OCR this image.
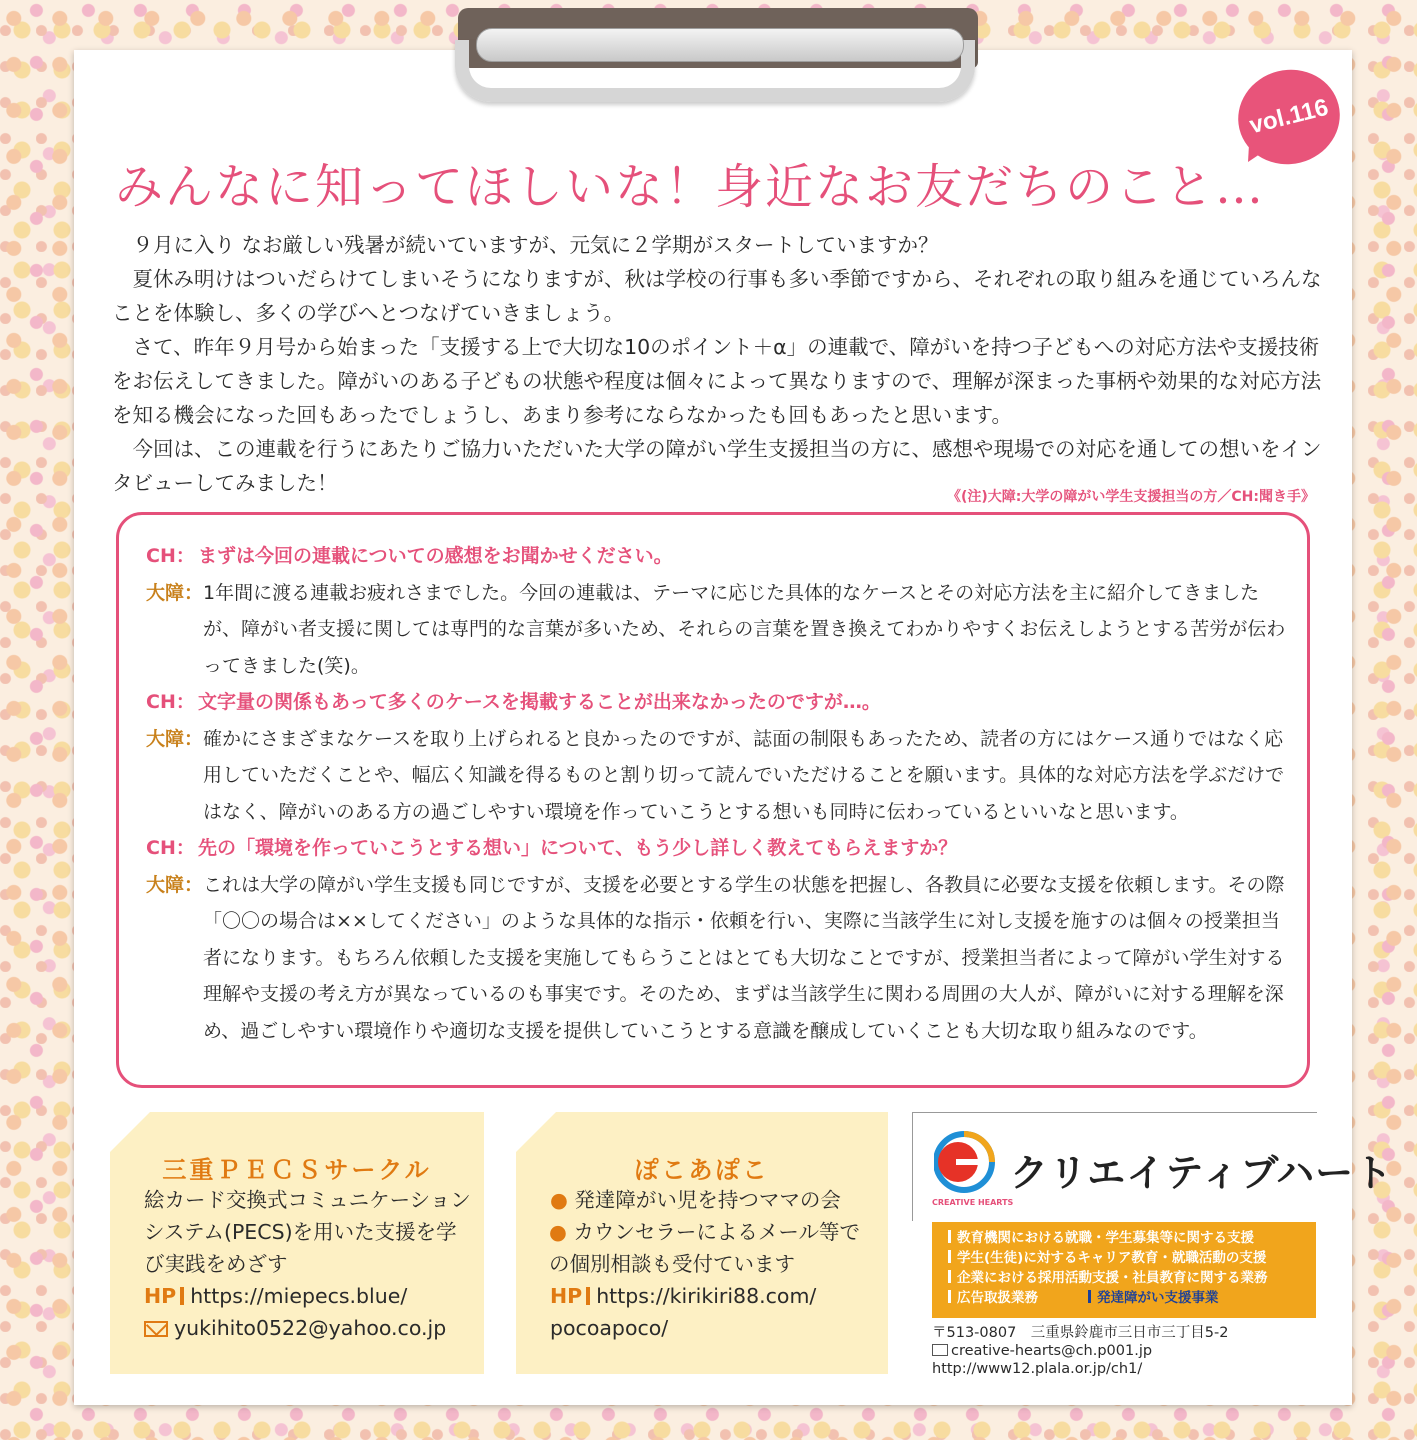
vol.116
みんなに知ってほしいな！身近なお友だちのこと…

９月に入り なお厳しい残暑が続いていますが、元気に２学期がスタートしていますか？

夏休み明けはついだらけてしまいそうになりますが、秋は学校の行事も多い季節ですから、それぞれの取り組みを通じていろんなことを体験し、多くの学びへとつなげていきましょう。

さて、昨年９月号から始まった「支援する上で大切な10のポイント＋α」の連載で、障がいを持つ子どもへの対応方法や支援技術をお伝えしてきました。障がいのある子どもの状態や程度は個々によって異なりますので、理解が深まった事柄や効果的な対応方法を知る機会になった回もあったでしょうし、あまり参考にならなかったも回もあったと思います。

今回は、この連載を行うにあたりご協力いただいた大学の障がい学生支援担当の方に、感想や現場での対応を通しての想いをインタビューしてみました！

《(注)大障:大学の障がい学生支援担当の方／CH:聞き手》
CH： まずは今回の連載についての感想をお聞かせください。
大障： 1年間に渡る連載お疲れさまでした。今回の連載は、テーマに応じた具体的なケースとその対応方法を主に紹介してきましたが、障がい者支援に関しては専門的な言葉が多いため、それらの言葉を置き換えてわかりやすくお伝えしようとする苦労が伝わってきました(笑)。
CH： 文字量の関係もあって多くのケースを掲載することが出来なかったのですが…。
大障： 確かにさまざまなケースを取り上げられると良かったのですが、誌面の制限もあったため、読者の方にはケース通りではなく応用していただくことや、幅広く知識を得るものと割り切って読んでいただけることを願います。具体的な対応方法を学ぶだけではなく、障がいのある方の過ごしやすい環境を作っていこうとする想いも同時に伝わっているといいなと思います。
CH： 先の「環境を作っていこうとする想い」について、もう少し詳しく教えてもらえますか？
大障： これは大学の障がい学生支援も同じですが、支援を必要とする学生の状態を把握し、各教員に必要な支援を依頼します。その際「〇〇の場合は××してください」のような具体的な指示・依頼を行い、実際に当該学生に対し支援を施すのは個々の授業担当者になります。もちろん依頼した支援を実施してもらうことはとても大切なことですが、授業担当者によって障がい学生対する理解や支援の考え方が異なっているのも事実です。そのため、まずは当該学生に関わる周囲の大人が、障がいに対する理解を深め、過ごしやすい環境作りや適切な支援を提供していこうとする意識を醸成していくことも大切な取り組みなのです。
三重ＰＥＣＳサークル
絵カード交換式コミュニケーションシステム(PECS)を用いた支援を学び実践をめざす
HP https://miepecs.blue/
yukihito0522@yahoo.co.jp
ぽこあぽこ
● 発達障がい児を持つママの会
● カウンセラーによるメール等での個別相談も受付ています
HP https://kirikiri88.com/
pocoapoco/
クリエイティブハート
CREATIVE HEARTS
教育機関における就職・学生募集等に関する支援
学生(生徒)に対するキャリア教育・就職活動の支援
企業における採用活動支援・社員教育に関する業務
広告取扱業務	発達障がい支援事業
〒513-0807　三重県鈴鹿市三日市三丁目5-2
creative-hearts@ch.p001.jp
http://www12.plala.or.jp/ch1/
